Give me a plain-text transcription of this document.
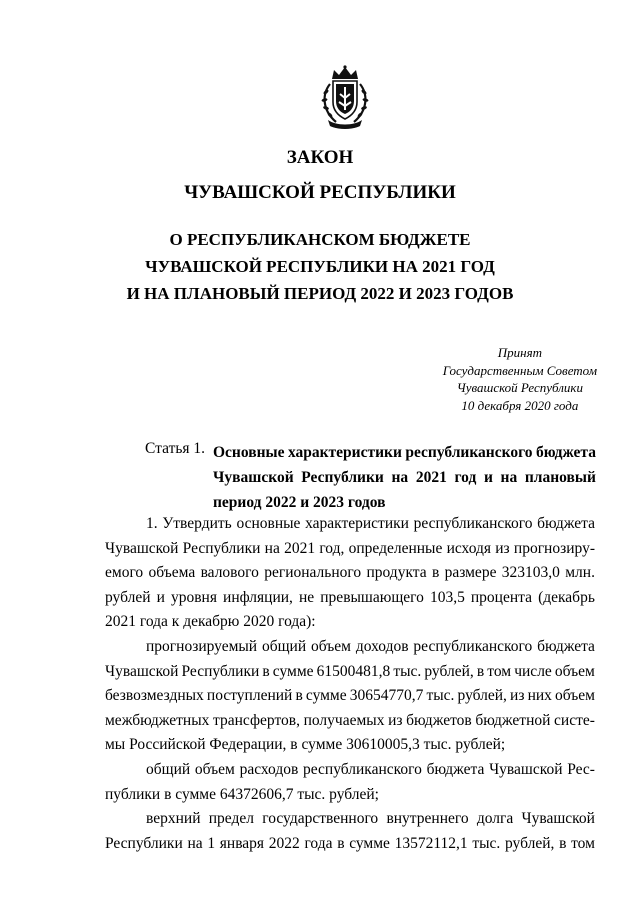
ЗАКОН
ЧУВАШСКОЙ РЕСПУБЛИКИ
О РЕСПУБЛИКАНСКОМ БЮДЖЕТЕ
ЧУВАШСКОЙ РЕСПУБЛИКИ НА 2021 ГОД
И НА ПЛАНОВЫЙ ПЕРИОД 2022 И 2023 ГОДОВ
Принят
Государственным Советом
Чувашской Республики
10 декабря 2020 года
Статья 1. Основные характеристики республиканского бюджета
Чувашской Республики на 2021 год и на плановый
период 2022 и 2023 годов
1. Утвердить основные характеристики республиканского бюджета
Чувашской Республики на 2021 год, определенные исходя из прогнозиру-
емого объема валового регионального продукта в размере 323103,0 млн.
рублей и уровня инфляции, не превышающего 103,5 процента (декабрь
2021 года к декабрю 2020 года):
прогнозируемый общий объем доходов республиканского бюджета
Чувашской Республики в сумме 61500481,8 тыс. рублей, в том числе объем
безвозмездных поступлений в сумме 30654770,7 тыс. рублей, из них объем
межбюджетных трансфертов, получаемых из бюджетов бюджетной систе-
мы Российской Федерации, в сумме 30610005,3 тыс. рублей;
общий объем расходов республиканского бюджета Чувашской Рес-
публики в сумме 64372606,7 тыс. рублей;
верхний предел государственного внутреннего долга Чувашской
Республики на 1 января 2022 года в сумме 13572112,1 тыс. рублей, в том
